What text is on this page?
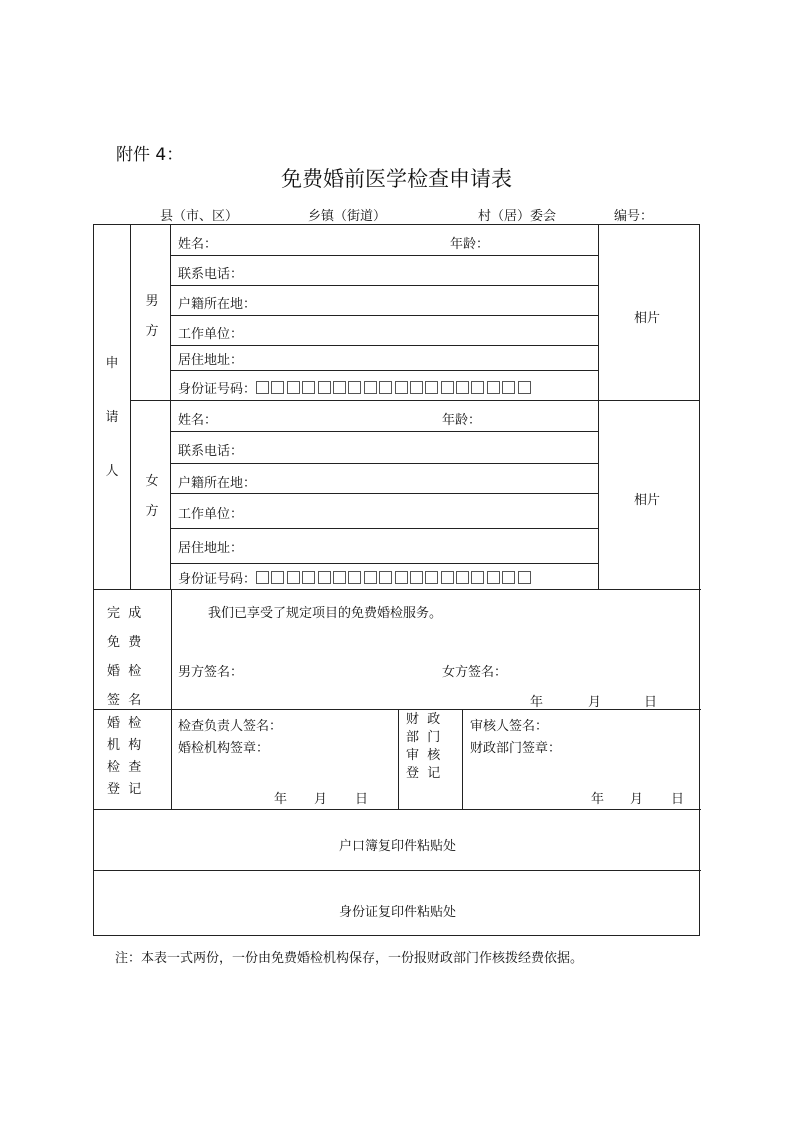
附件 4：
免费婚前医学检查申请表
县（市、区）	乡镇（街道）	村（居）委会	编号：
申
请
人
男
方
女
方
姓名：	年龄：
联系电话：
户籍所在地：
工作单位：
居住地址：
身份证号码：
相片
姓名：	年龄：
联系电话：
户籍所在地：
工作单位：
居住地址：
身份证号码：
相片
完 成
免 费
婚 检
签 名
我们已享受了规定项目的免费婚检服务。
男方签名：	女方签名：
年	月	日
婚 检
机 构
检 查
登 记
检查负责人签名：
婚检机构签章：
年 月 日
财 政
部 门
审 核
登 记
审核人签名：
财政部门签章：
年 月 日
户口簿复印件粘贴处
身份证复印件粘贴处
注：本表一式两份，一份由免费婚检机构保存，一份报财政部门作核拨经费依据。
